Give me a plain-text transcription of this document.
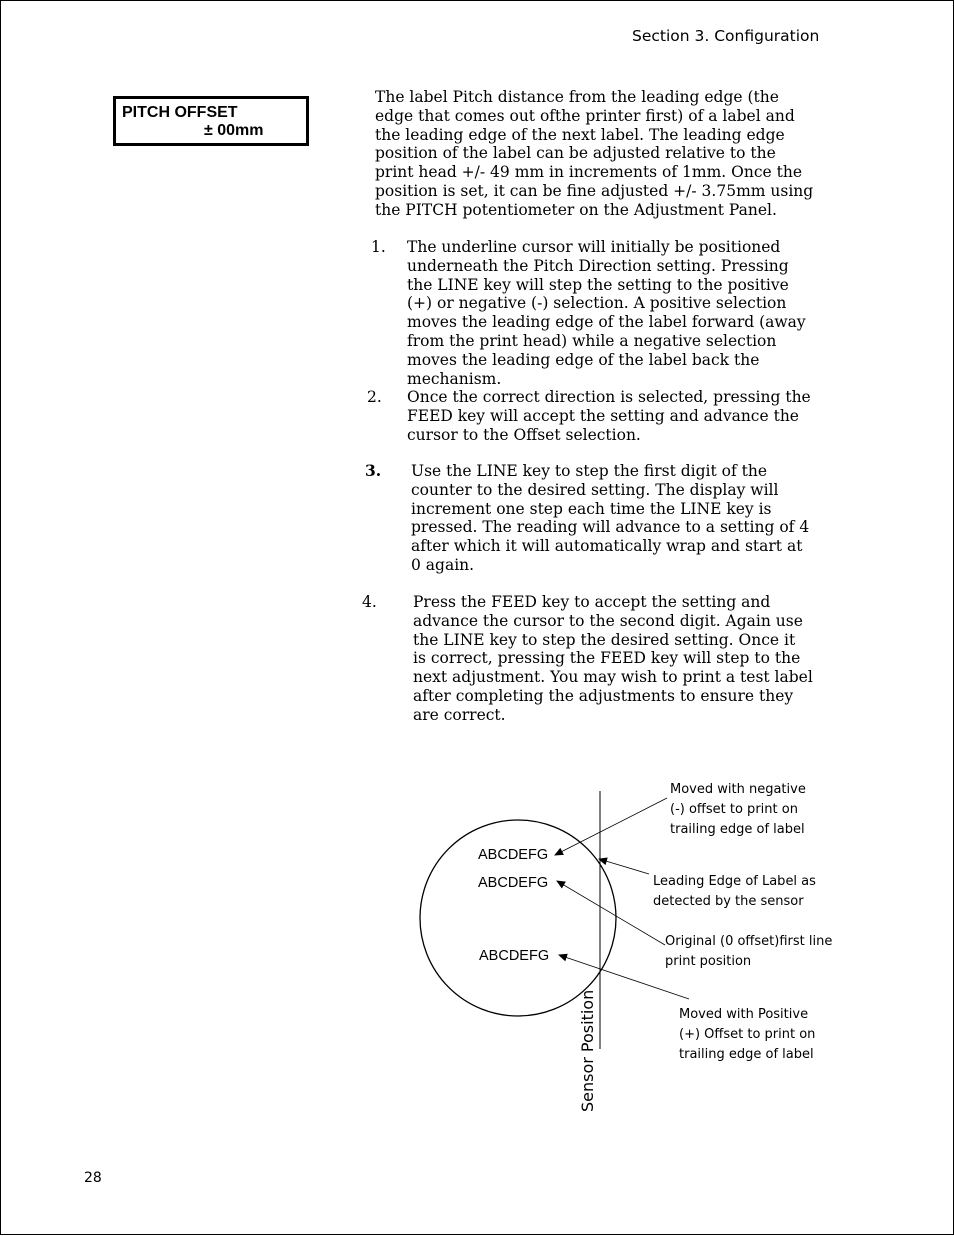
Section 3. Configuration
PITCH OFFSET
± 00mm
The label Pitch distance from the leading edge (the edge that comes out ofthe printer first) of a label and the leading edge of the next label. The leading edge position of the label can be adjusted relative to the print head +/- 49 mm in increments of 1mm. Once the position is set, it can be fine adjusted +/- 3.75mm using the PITCH potentiometer on the Adjustment Panel.
1. The underline cursor will initially be positioned underneath the Pitch Direction setting. Pressing the LINE key will step the setting to the positive (+) or negative (-) selection. A positive selection moves the leading edge of the label forward (away from the print head) while a negative selection moves the leading edge of the label back the mechanism.
2. Once the correct direction is selected, pressing the FEED key will accept the setting and advance the cursor to the Offset selection.
3. Use the LINE key to step the first digit of the counter to the desired setting. The display will increment one step each time the LINE key is pressed. The reading will advance to a setting of 4 after which it will automatically wrap and start at 0 again.
4. Press the FEED key to accept the setting and advance the cursor to the second digit. Again use the LINE key to step the desired setting. Once it is correct, pressing the FEED key will step to the next adjustment. You may wish to print a test label after completing the adjustments to ensure they are correct.
Sensor Position
ABCDEFG
ABCDEFG
ABCDEFG
Moved with negative
(-) offset to print on
trailing edge of label
Leading Edge of Label as
detected by the sensor
Original (0 offset)first line
print position
Moved with Positive
(+) Offset to print on
trailing edge of label
28
